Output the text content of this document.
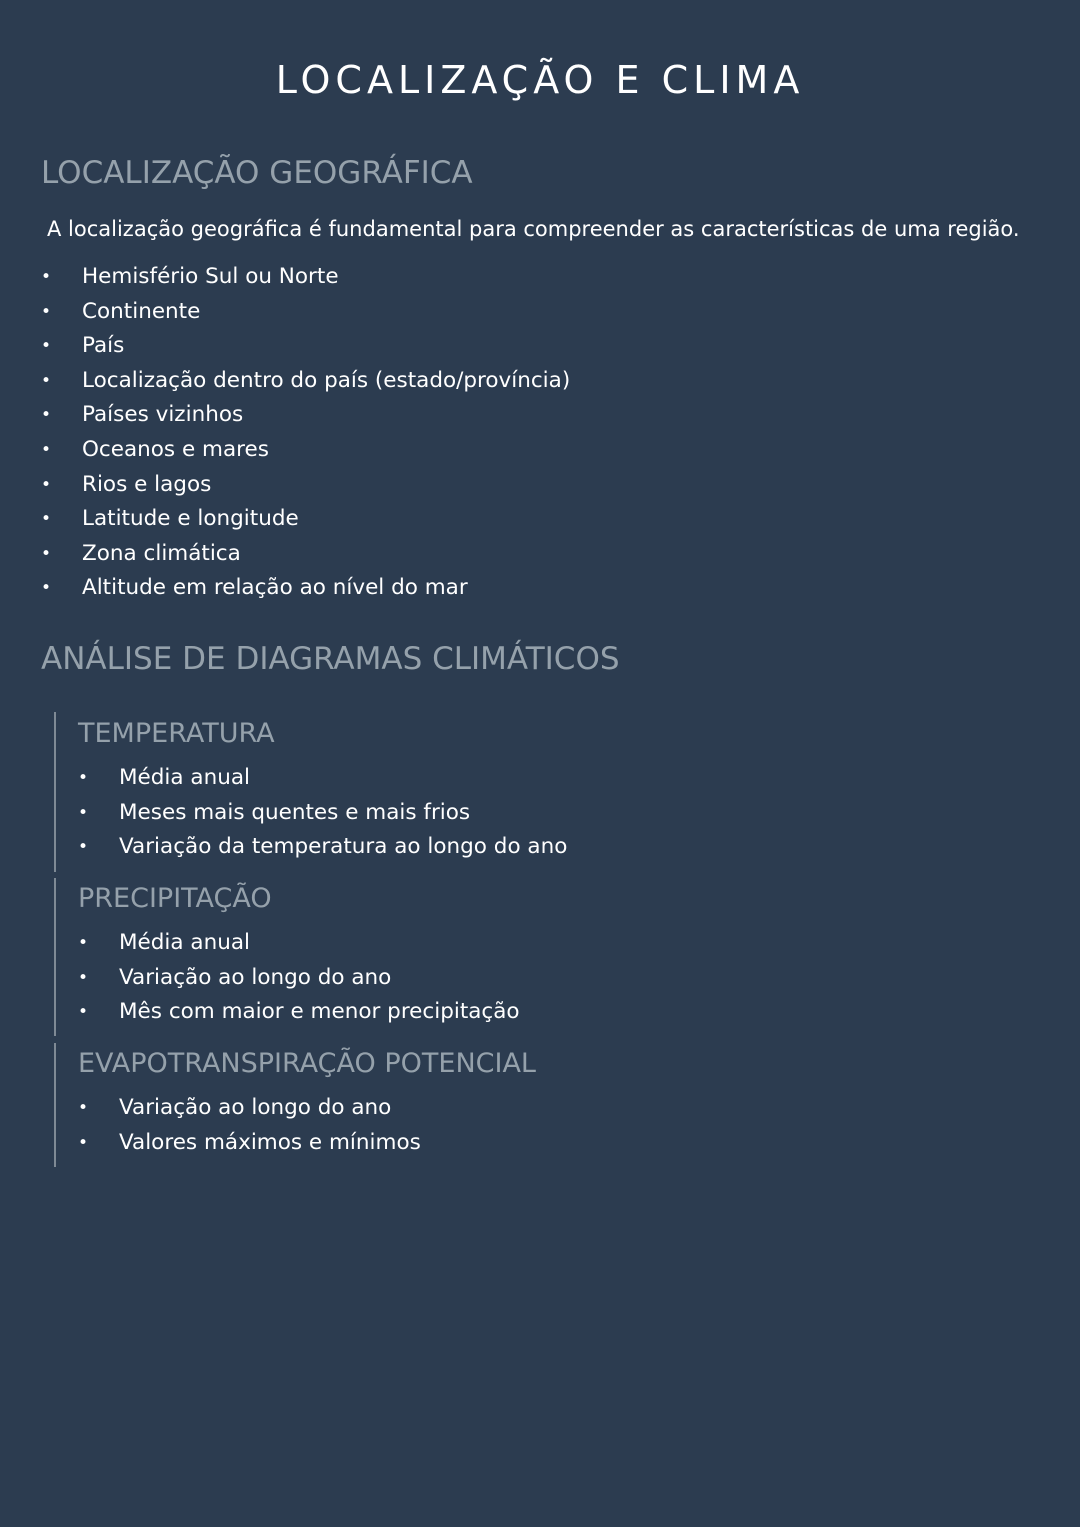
LOCALIZAÇÃO E CLIMA
LOCALIZAÇÃO GEOGRÁFICA

A localização geográfica é fundamental para compreender as características de uma região.

• Hemisfério Sul ou Norte
• Continente
• País
• Localização dentro do país (estado/província)
• Países vizinhos
• Oceanos e mares
• Rios e lagos
• Latitude e longitude
• Zona climática
• Altitude em relação ao nível do mar
ANÁLISE DE DIAGRAMAS CLIMÁTICOS
TEMPERATURA
• Média anual
• Meses mais quentes e mais frios
• Variação da temperatura ao longo do ano
PRECIPITAÇÃO
• Média anual
• Variação ao longo do ano
• Mês com maior e menor precipitação
EVAPOTRANSPIRAÇÃO POTENCIAL
• Variação ao longo do ano
• Valores máximos e mínimos
